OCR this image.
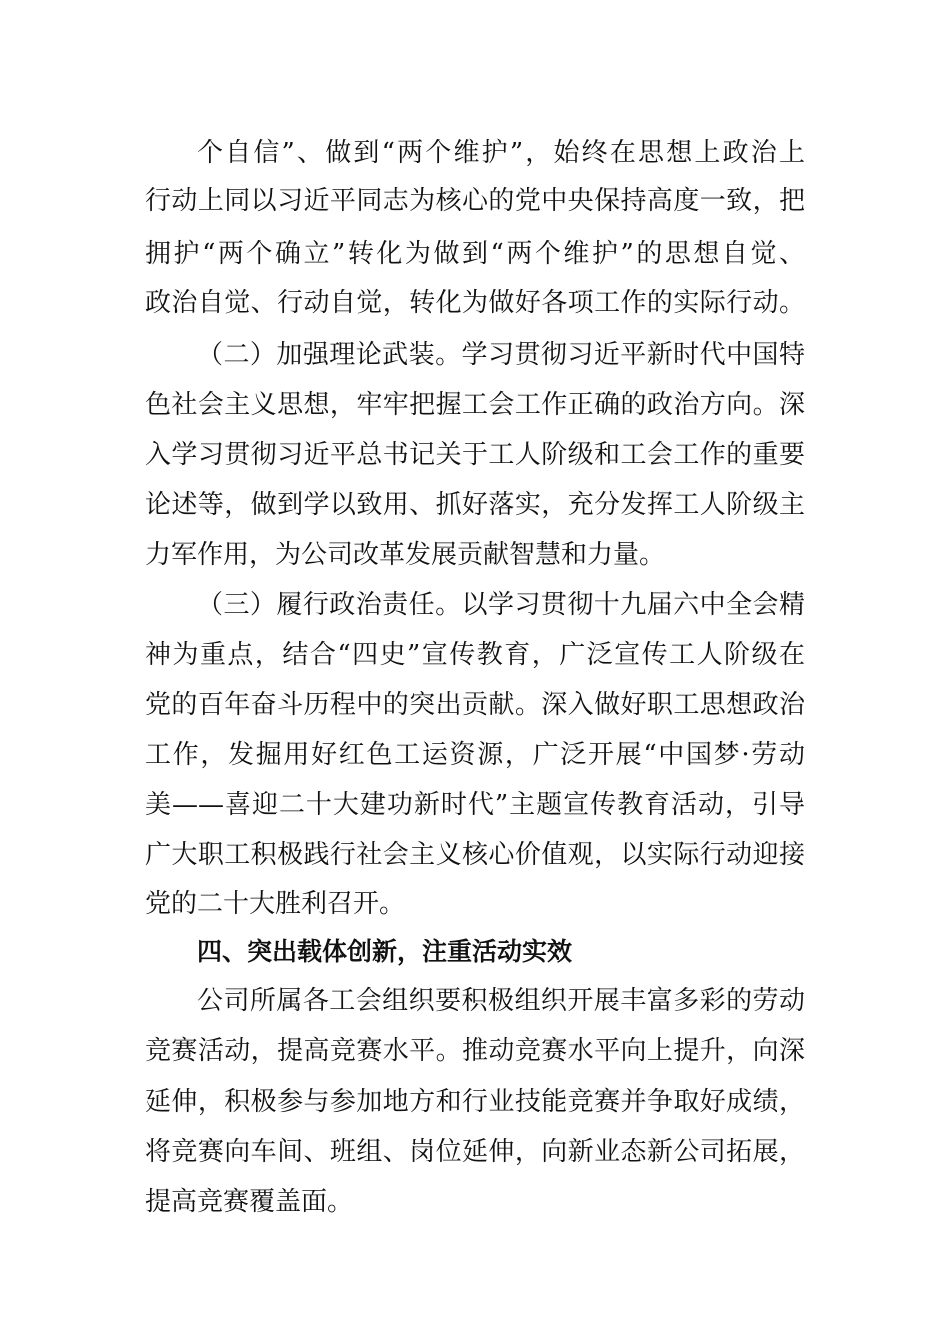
个自信”、做到“两个维护”，始终在思想上政治上
行动上同以习近平同志为核心的党中央保持高度一致，把
拥护“两个确立”转化为做到“两个维护”的思想自觉、
政治自觉、行动自觉，转化为做好各项工作的实际行动。
（二）加强理论武装。学习贯彻习近平新时代中国特
色社会主义思想，牢牢把握工会工作正确的政治方向。深
入学习贯彻习近平总书记关于工人阶级和工会工作的重要
论述等，做到学以致用、抓好落实，充分发挥工人阶级主
力军作用，为公司改革发展贡献智慧和力量。
（三）履行政治责任。以学习贯彻十九届六中全会精
神为重点，结合“四史”宣传教育，广泛宣传工人阶级在
党的百年奋斗历程中的突出贡献。深入做好职工思想政治
工作，发掘用好红色工运资源，广泛开展“中国梦·劳动
美——喜迎二十大建功新时代”主题宣传教育活动，引导
广大职工积极践行社会主义核心价值观，以实际行动迎接
党的二十大胜利召开。
四、突出载体创新，注重活动实效
公司所属各工会组织要积极组织开展丰富多彩的劳动
竞赛活动，提高竞赛水平。推动竞赛水平向上提升，向深
延伸，积极参与参加地方和行业技能竞赛并争取好成绩，
将竞赛向车间、班组、岗位延伸，向新业态新公司拓展，
提高竞赛覆盖面。
